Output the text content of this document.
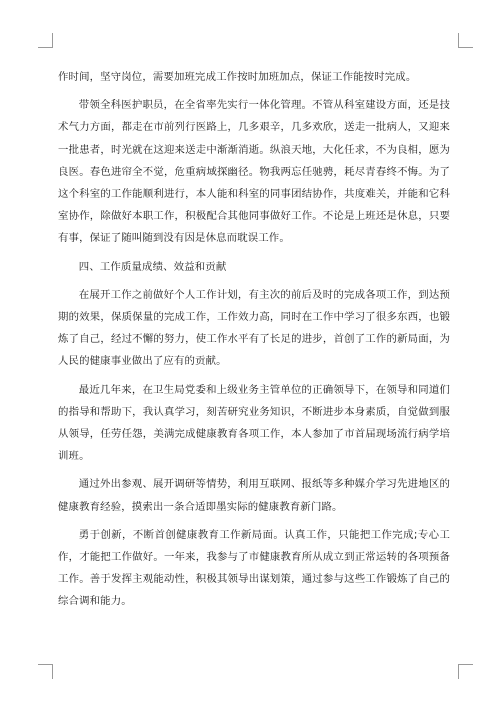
作时间，坚守岗位，需要加班完成工作按时加班加点，保证工作能按时完成。

带领全科医护职员，在全省率先实行一体化管理。不管从科室建设方面，还是技术气力方面，都走在市前列行医路上，几多艰辛，几多欢欣，送走一批病人，又迎来一批患者，时光就在这迎来送走中渐渐消逝。纵浪天地，大化任求，不为良相，愿为良医。春色进帘全不觉，危重病域探幽径。物我两忘任驰骋，耗尽青春终不悔。为了这个科室的工作能顺利进行，本人能和科室的同事团结协作，共度难关，并能和它科室协作，除做好本职工作，积极配合其他同事做好工作。不论是上班还是休息，只要有事，保证了随叫随到没有因是休息而耽误工作。

四、工作质量成绩、效益和贡献

在展开工作之前做好个人工作计划，有主次的前后及时的完成各项工作，到达预期的效果，保质保量的完成工作，工作效力高，同时在工作中学习了很多东西，也锻炼了自己，经过不懈的努力，使工作水平有了长足的进步，首创了工作的新局面，为人民的健康事业做出了应有的贡献。

最近几年来，在卫生局党委和上级业务主管单位的正确领导下，在领导和同道们的指导和帮助下，我认真学习，刻苦研究业务知识，不断进步本身素质，自觉做到服从领导，任劳任怨，美满完成健康教育各项工作，本人参加了市首届现场流行病学培训班。

通过外出参观、展开调研等情势，利用互联网、报纸等多种媒介学习先进地区的健康教育经验，摸索出一条合适即墨实际的健康教育新门路。

勇于创新，不断首创健康教育工作新局面。认真工作，只能把工作完成;专心工作，才能把工作做好。一年来，我参与了市健康教育所从成立到正常运转的各项预备工作。善于发挥主观能动性，积极其领导出谋划策，通过参与这些工作锻炼了自己的综合调和能力。
